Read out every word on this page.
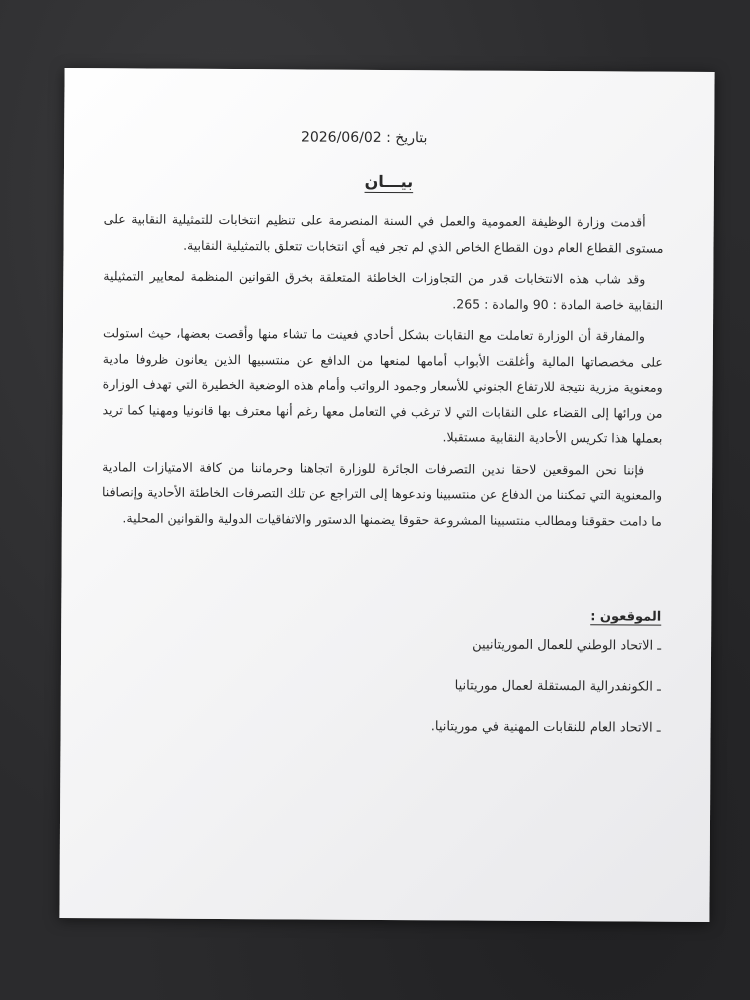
بتاريخ : 2026/06/02
بيـــان

أقدمت وزارة الوظيفة العمومية والعمل في السنة المنصرمة على تنظيم انتخابات للتمثيلية النقابية على مستوى القطاع العام دون القطاع الخاص الذي لم تجر فيه أي انتخابات تتعلق بالتمثيلية النقابية.

وقد شاب هذه الانتخابات قدر من التجاوزات الخاطئة المتعلقة بخرق القوانين المنظمة لمعايير التمثيلية النقابية خاصة المادة : 90 والمادة : 265.

والمفارقة أن الوزارة تعاملت مع النقابات بشكل أحادي فعينت ما تشاء منها وأقصت بعضها، حيث استولت على مخصصاتها المالية وأغلقت الأبواب أمامها لمنعها من الدافع عن منتسبيها الذين يعانون ظروفا مادية ومعنوية مزرية نتيجة للارتفاع الجنوني للأسعار وجمود الرواتب وأمام هذه الوضعية الخطيرة التي تهدف الوزارة من ورائها إلى القضاء على النقابات التي لا ترغب في التعامل معها رغم أنها معترف بها قانونيا ومهنيا كما تريد بعملها هذا تكريس الأحادية النقابية مستقبلا.

فإننا نحن الموقعين لاحقا ندين التصرفات الجائرة للوزارة اتجاهنا وحرماننا من كافة الامتيازات المادية والمعنوية التي تمكننا من الدفاع عن منتسبينا وندعوها إلى التراجع عن تلك التصرفات الخاطئة الأحادية وإنصافنا ما دامت حقوقنا ومطالب منتسبينا المشروعة حقوقا يضمنها الدستور والاتفاقيات الدولية والقوانين المحلية.

الموقعون :
ـ الاتحاد الوطني للعمال الموريتانيين
ـ الكونفدرالية المستقلة لعمال موريتانيا
ـ الاتحاد العام للنقابات المهنية في موريتانيا.
